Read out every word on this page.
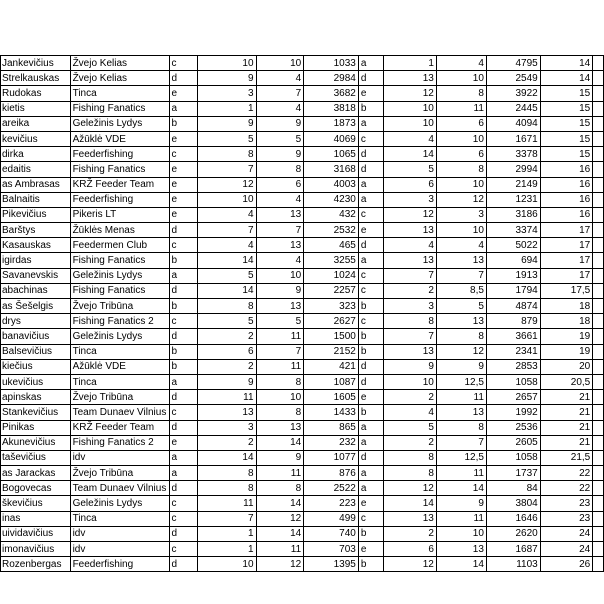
Jankevičius	Žvejo Kelias	c	10	10	1033	a	1	4	4795	14	
Strelkauskas	Žvejo Kelias	d	9	4	2984	d	13	10	2549	14	
Rudokas	Tinca	e	3	7	3682	e	12	8	3922	15	
kietis	Fishing Fanatics	a	1	4	3818	b	10	11	2445	15	
areika	Geležinis Lydys	b	9	9	1873	a	10	6	4094	15	
kevičius	Ažūklė VDE	e	5	5	4069	c	4	10	1671	15	
dirka	Feederfishing	c	8	9	1065	d	14	6	3378	15	
edaitis	Fishing Fanatics	e	7	8	3168	d	5	8	2994	16	
as Ambrasas	KRŽ Feeder Team	e	12	6	4003	a	6	10	2149	16	
Balnaitis	Feederfishing	e	10	4	4230	a	3	12	1231	16	
Pikevičius	Pikeris LT	e	4	13	432	c	12	3	3186	16	
Barštys	Žūklės Menas	d	7	7	2532	e	13	10	3374	17	
Kasauskas	Feedermen Club	c	4	13	465	d	4	4	5022	17	
igirdas	Fishing Fanatics	b	14	4	3255	a	13	13	694	17	
Savanevskis	Geležinis Lydys	a	5	10	1024	c	7	7	1913	17	
abachinas	Fishing Fanatics	d	14	9	2257	c	2	8,5	1794	17,5	
as Šešelgis	Žvejo Tribūna	b	8	13	323	b	3	5	4874	18	
drys	Fishing Fanatics 2	c	5	5	2627	c	8	13	879	18	
banavičius	Geležinis Lydys	d	2	11	1500	b	7	8	3661	19	
Balsevičius	Tinca	b	6	7	2152	b	13	12	2341	19	
kiečius	Ažūklė VDE	b	2	11	421	d	9	9	2853	20	
ukevičius	Tinca	a	9	8	1087	d	10	12,5	1058	20,5	
apinskas	Žvejo Tribūna	d	11	10	1605	e	2	11	2657	21	
Stankevičius	Team Dunaev Vilnius	c	13	8	1433	b	4	13	1992	21	
Pinikas	KRŽ Feeder Team	d	3	13	865	a	5	8	2536	21	
Akunevičius	Fishing Fanatics 2	e	2	14	232	a	2	7	2605	21	
taševičius	idv	a	14	9	1077	d	8	12,5	1058	21,5	
as Jarackas	Žvejo Tribūna	a	8	11	876	a	8	11	1737	22	
Bogovecas	Team Dunaev Vilnius	d	8	8	2522	a	12	14	84	22	
škevičius	Geležinis Lydys	c	11	14	223	e	14	9	3804	23	
inas	Tinca	c	7	12	499	c	13	11	1646	23	
uividavičius	idv	d	1	14	740	b	2	10	2620	24	
imonavičius	idv	c	1	11	703	e	6	13	1687	24	
Rozenbergas	Feederfishing	d	10	12	1395	b	12	14	1103	26	
